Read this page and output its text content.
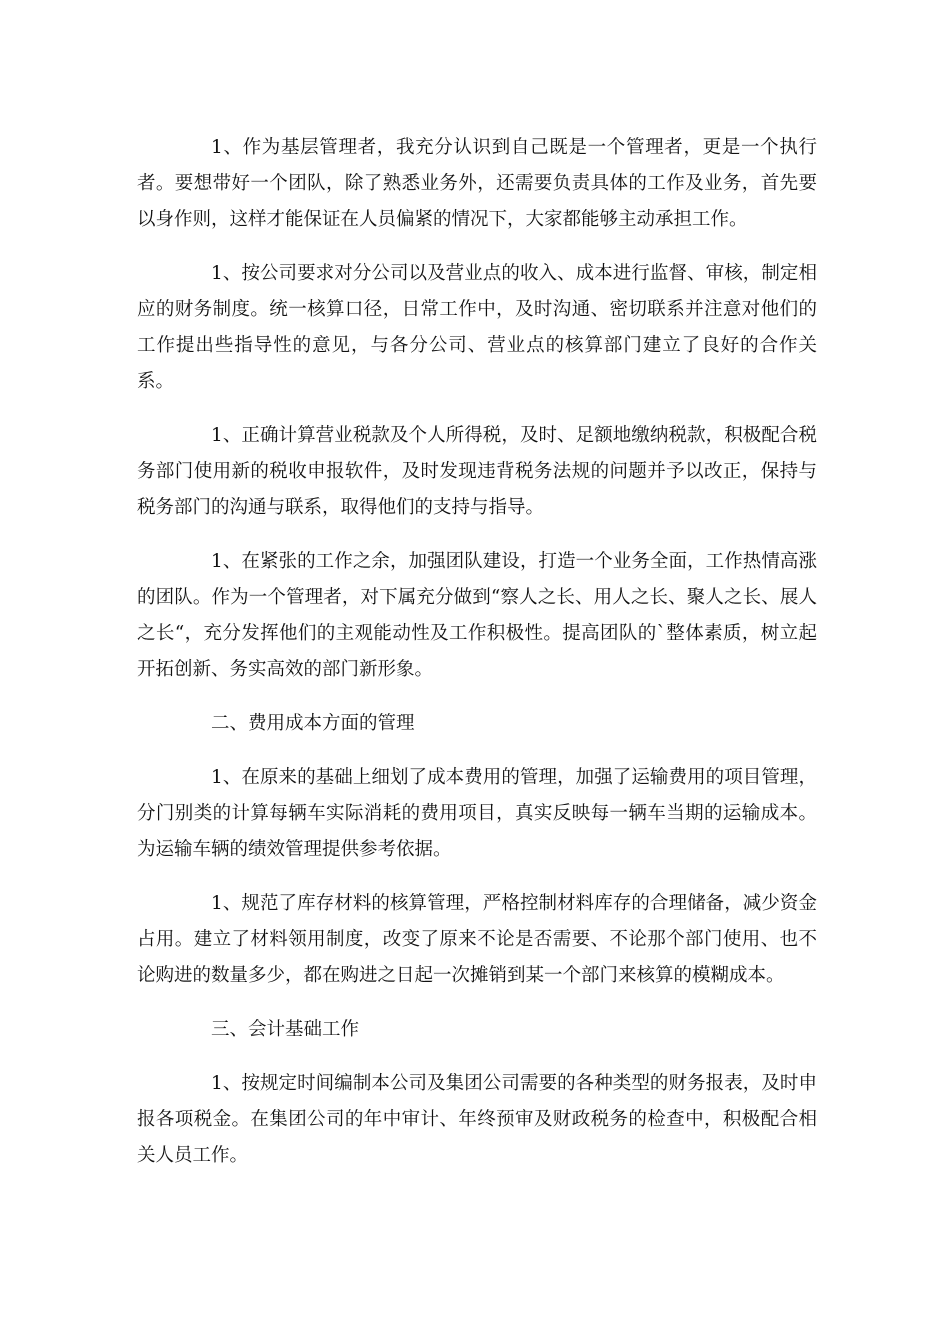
1、作为基层管理者，我充分认识到自己既是一个管理者，更是一个执行者。要想带好一个团队，除了熟悉业务外，还需要负责具体的工作及业务，首先要以身作则，这样才能保证在人员偏紧的情况下，大家都能够主动承担工作。

1、按公司要求对分公司以及营业点的收入、成本进行监督、审核，制定相应的财务制度。统一核算口径，日常工作中，及时沟通、密切联系并注意对他们的工作提出些指导性的意见，与各分公司、营业点的核算部门建立了良好的合作关系。

1、正确计算营业税款及个人所得税，及时、足额地缴纳税款，积极配合税务部门使用新的税收申报软件，及时发现违背税务法规的问题并予以改正，保持与税务部门的沟通与联系，取得他们的支持与指导。

1、在紧张的工作之余，加强团队建设，打造一个业务全面，工作热情高涨的团队。作为一个管理者，对下属充分做到“察人之长、用人之长、聚人之长、展人之长“，充分发挥他们的主观能动性及工作积极性。提高团队的`整体素质，树立起开拓创新、务实高效的部门新形象。

二、费用成本方面的管理

1、在原来的基础上细划了成本费用的管理，加强了运输费用的项目管理，分门别类的计算每辆车实际消耗的费用项目，真实反映每一辆车当期的运输成本。为运输车辆的绩效管理提供参考依据。

1、规范了库存材料的核算管理，严格控制材料库存的合理储备，减少资金占用。建立了材料领用制度，改变了原来不论是否需要、不论那个部门使用、也不论购进的数量多少，都在购进之日起一次摊销到某一个部门来核算的模糊成本。

三、会计基础工作

1、按规定时间编制本公司及集团公司需要的各种类型的财务报表，及时申报各项税金。在集团公司的年中审计、年终预审及财政税务的检查中，积极配合相关人员工作。
